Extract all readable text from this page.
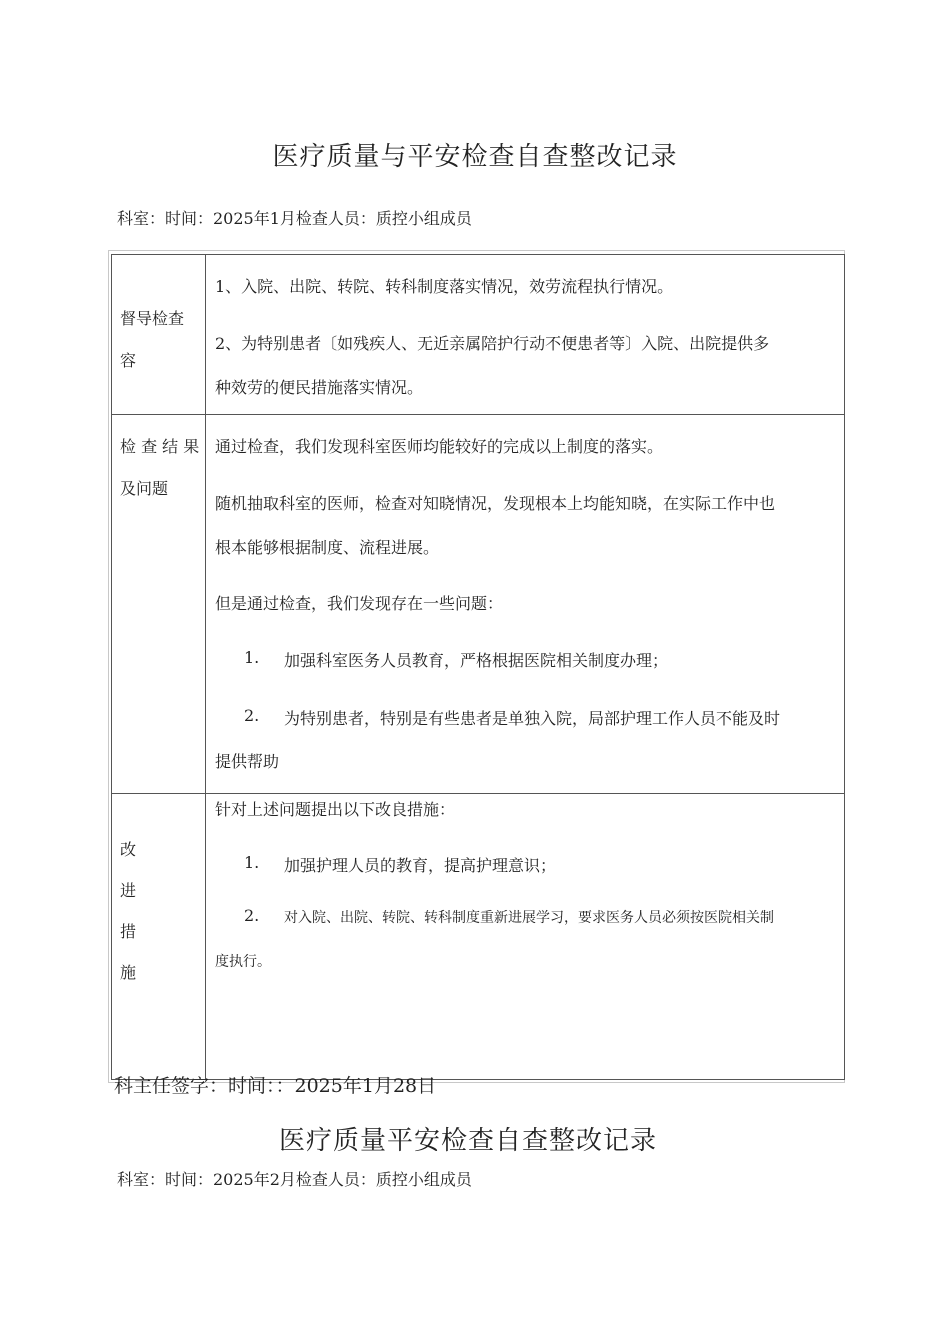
医疗质量与平安检查自查整改记录
科室：时间：2025年1月检查人员：质控小组成员
督导检查
容
1、入院、出院、转院、转科制度落实情况，效劳流程执行情况。
2、为特别患者〔如残疾人、无近亲属陪护行动不便患者等〕入院、出院提供多
种效劳的便民措施落实情况。
检 查 结 果
及问题
通过检查，我们发现科室医师均能较好的完成以上制度的落实。
随机抽取科室的医师，检查对知晓情况，发现根本上均能知晓，在实际工作中也
根本能够根据制度、流程进展。
但是通过检查，我们发现存在一些问题：
1. 加强科室医务人员教育，严格根据医院相关制度办理；
2. 为特别患者，特别是有些患者是单独入院，局部护理工作人员不能及时
提供帮助
改
进
措
施
针对上述问题提出以下改良措施：
1. 加强护理人员的教育，提高护理意识；
2. 对入院、出院、转院、转科制度重新进展学习，要求医务人员必须按医院相关制
度执行。
科主任签字：时间：：2025年1月28日
医疗质量平安检查自查整改记录
科室：时间：2025年2月检查人员：质控小组成员
